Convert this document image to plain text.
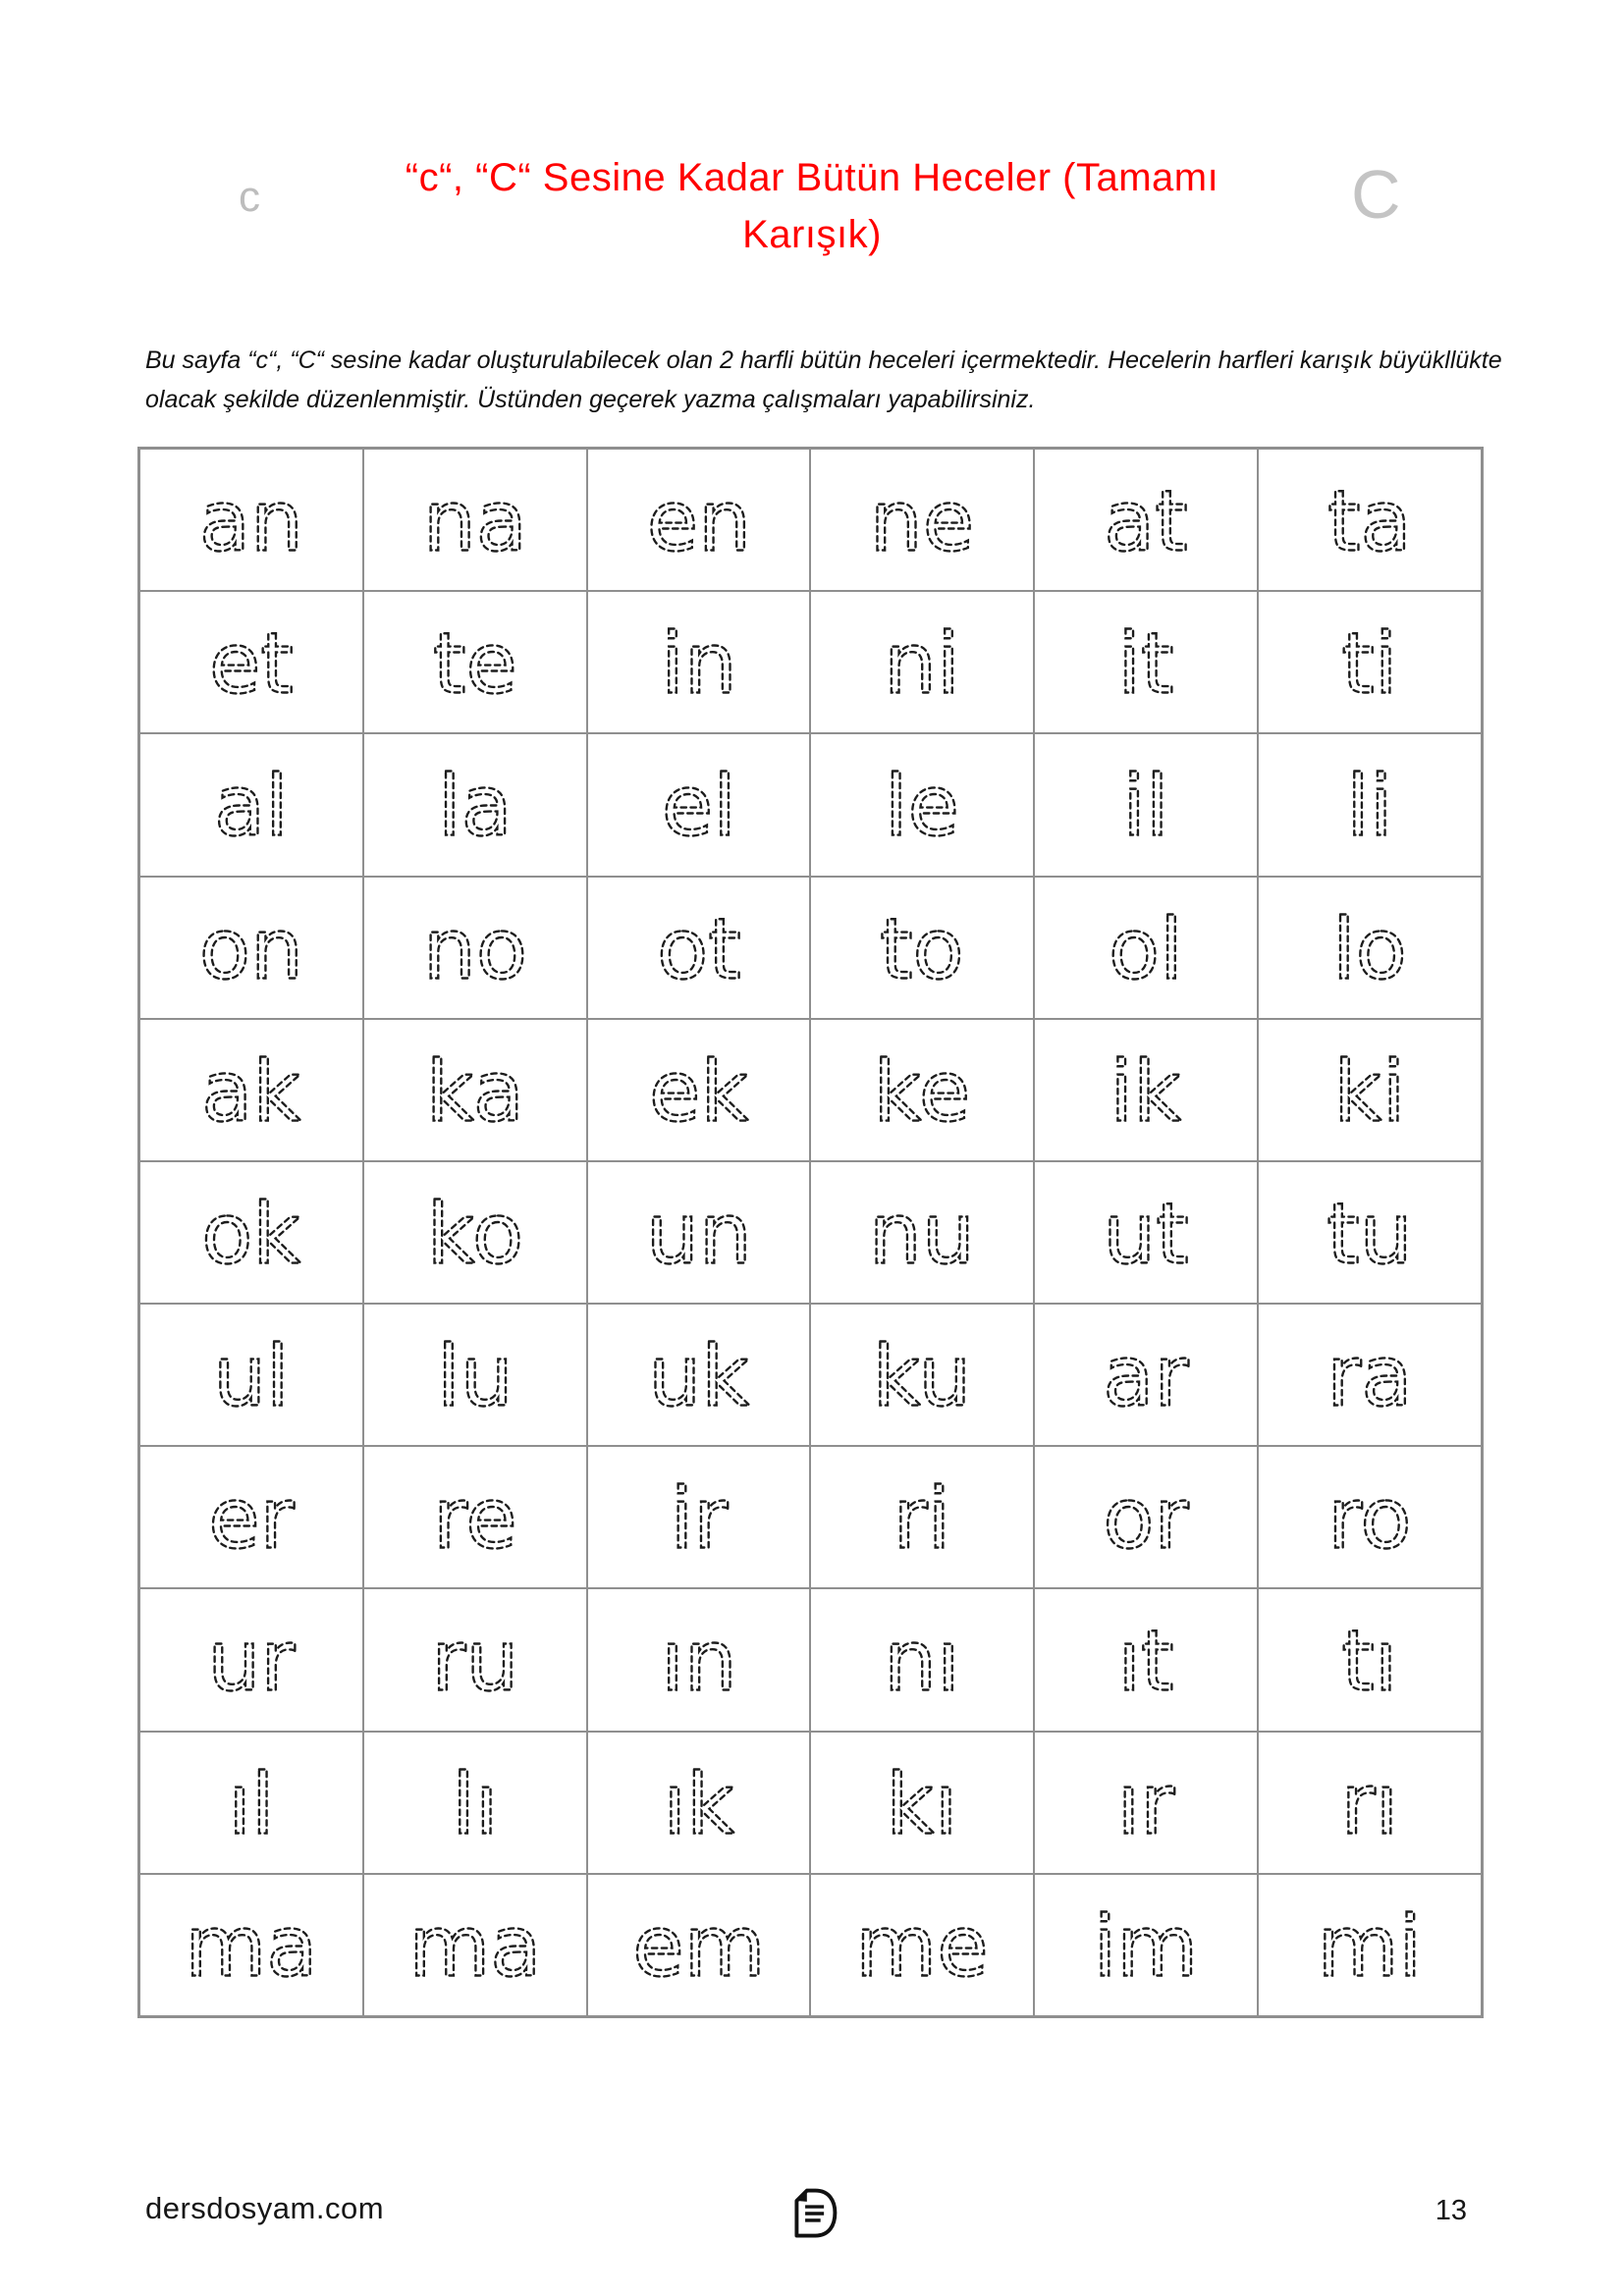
c	C
“c“, “C“ Sesine Kadar Bütün Heceler (Tamamı
Karışık)

Bu sayfa “c“, “C“ sesine kadar oluşturulabilecek olan 2 harfli bütün heceleri içermektedir. Hecelerin harfleri karışık büyükllükte olacak şekilde düzenlenmiştir. Üstünden geçerek yazma çalışmaları yapabilirsiniz.

an na en ne at ta
et te in ni it ti
al la el le il li
on no ot to ol lo
ak ka ek ke ik ki
ok ko un nu ut tu
ul lu uk ku ar ra
er re ir ri or ro
ur ru ın nı ıt tı
ıl lı ık kı ır rı
ma ma em me im mi
dersdosyam.com	13
